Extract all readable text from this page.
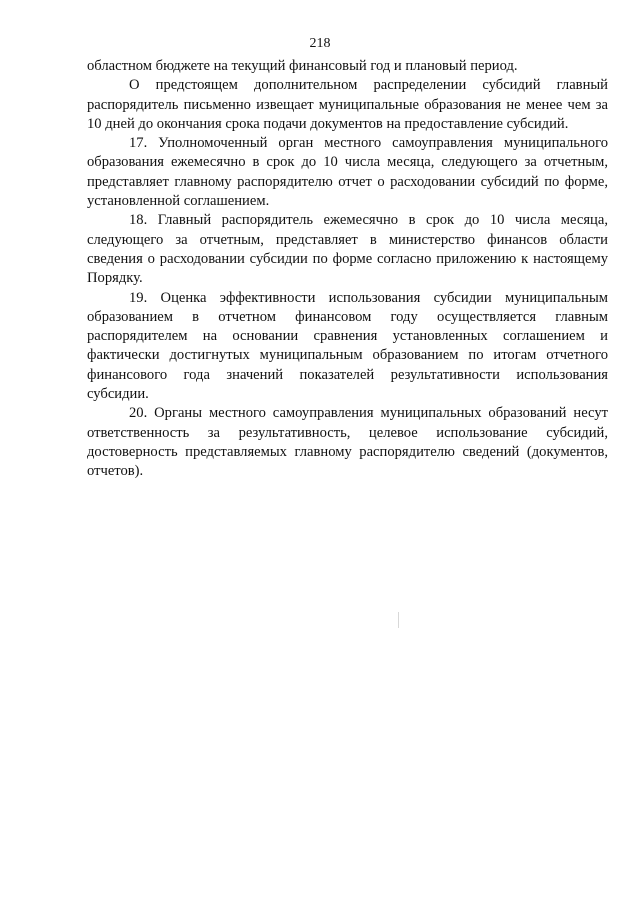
218

областном бюджете на текущий финансовый год и плановый период.

О предстоящем дополнительном распределении субсидий главный распорядитель письменно извещает муниципальные образования не менее чем за 10 дней до окончания срока подачи документов на предоставление субсидий.

17. Уполномоченный орган местного самоуправления муниципального образования ежемесячно в срок до 10 числа месяца, следующего за отчетным, представляет главному распорядителю отчет о расходовании субсидий по форме, установленной соглашением.

18. Главный распорядитель ежемесячно в срок до 10 числа месяца, следующего за отчетным, представляет в министерство финансов области сведения о расходовании субсидии по форме согласно приложению к настоящему Порядку.

19. Оценка эффективности использования субсидии муниципальным образованием в отчетном финансовом году осуществляется главным распорядителем на основании сравнения установленных соглашением и фактически достигнутых муниципальным образованием по итогам отчетного финансового года значений показателей результативности использования субсидии.

20. Органы местного самоуправления муниципальных образований несут ответственность за результативность, целевое использование субсидий, достоверность представляемых главному распорядителю сведений (документов, отчетов).
